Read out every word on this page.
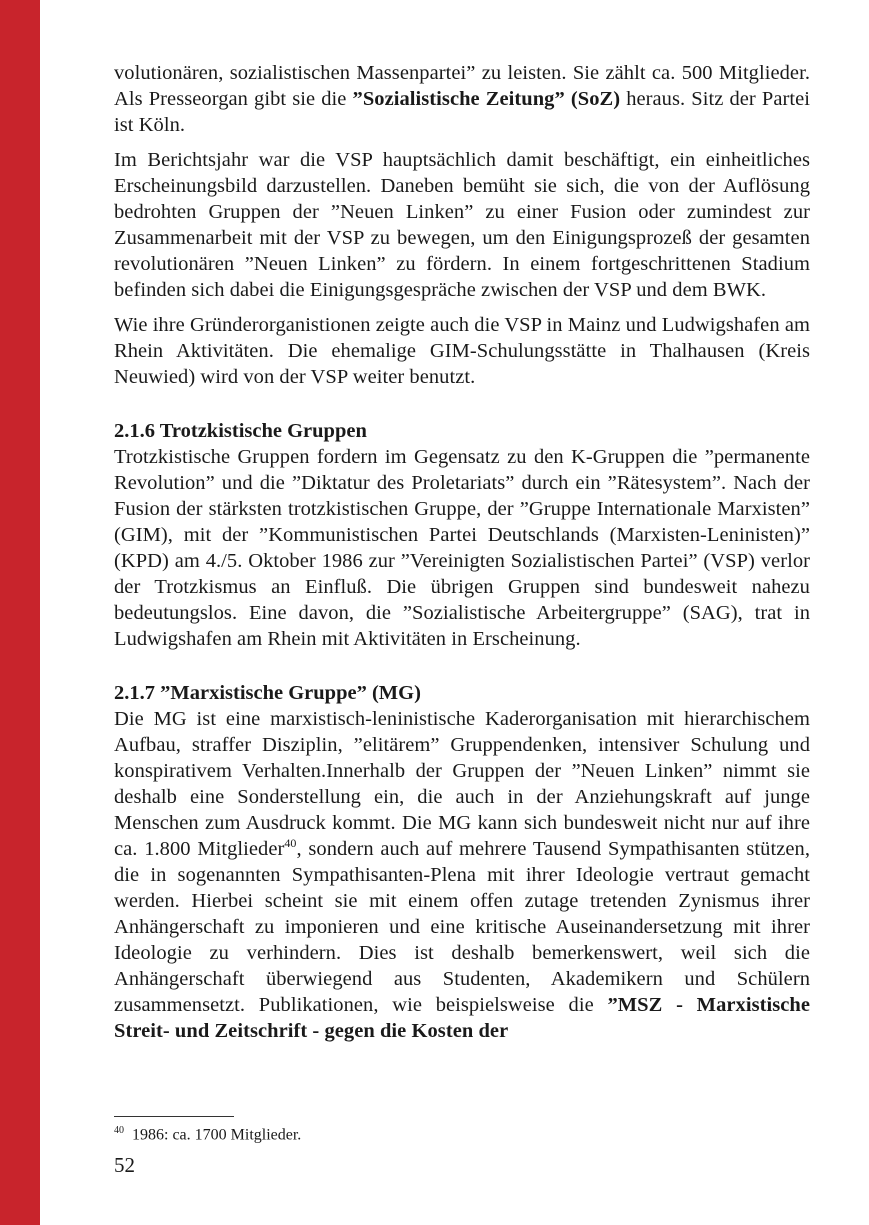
volutionären, sozialistischen Massenpartei” zu leisten. Sie zählt ca. 500 Mitglieder. Als Presseorgan gibt sie die ”Sozialistische Zeitung” (SoZ) heraus. Sitz der Partei ist Köln.

Im Berichtsjahr war die VSP hauptsächlich damit beschäftigt, ein einheitliches Erscheinungsbild darzustellen. Daneben bemüht sie sich, die von der Auflösung bedrohten Gruppen der ”Neuen Linken” zu einer Fusion oder zumindest zur Zusammenarbeit mit der VSP zu bewegen, um den Einigungsprozeß der gesamten revolutionären ”Neuen Linken” zu fördern. In einem fortgeschrittenen Stadium befinden sich dabei die Einigungsgespräche zwischen der VSP und dem BWK.

Wie ihre Gründerorganistionen zeigte auch die VSP in Mainz und Ludwigshafen am Rhein Aktivitäten. Die ehemalige GIM-Schulungsstätte in Thalhausen (Kreis Neuwied) wird von der VSP weiter benutzt.

2.1.6 Trotzkistische Gruppen

Trotzkistische Gruppen fordern im Gegensatz zu den K-Gruppen die ”permanente Revolution” und die ”Diktatur des Proletariats” durch ein ”Rätesystem”. Nach der Fusion der stärksten trotzkistischen Gruppe, der ”Gruppe Internationale Marxisten” (GIM), mit der ”Kommunistischen Partei Deutschlands (Marxisten-Leninisten)” (KPD) am 4./5. Oktober 1986 zur ”Vereinigten Sozialistischen Partei” (VSP) verlor der Trotzkismus an Einfluß. Die übrigen Gruppen sind bundesweit nahezu bedeutungslos. Eine davon, die ”Sozialistische Arbeitergruppe” (SAG), trat in Ludwigshafen am Rhein mit Aktivitäten in Erscheinung.

2.1.7 ”Marxistische Gruppe” (MG)

Die MG ist eine marxistisch-leninistische Kaderorganisation mit hierarchischem Aufbau, straffer Disziplin, ”elitärem” Gruppendenken, intensiver Schulung und konspirativem Verhalten.Innerhalb der Gruppen der ”Neuen Linken” nimmt sie deshalb eine Sonderstellung ein, die auch in der Anziehungskraft auf junge Menschen zum Ausdruck kommt. Die MG kann sich bundesweit nicht nur auf ihre ca. 1.800 Mitglieder$^{40}$, sondern auch auf mehrere Tausend Sympathisanten stützen, die in sogenannten Sympathisanten-Plena mit ihrer Ideologie vertraut gemacht werden. Hierbei scheint sie mit einem offen zutage tretenden Zynismus ihrer Anhängerschaft zu imponieren und eine kritische Auseinandersetzung mit ihrer Ideologie zu verhindern. Dies ist deshalb bemerkenswert, weil sich die Anhängerschaft überwiegend aus Studenten, Akademikern und Schülern zusammensetzt. Publikationen, wie beispielsweise die ”MSZ - Marxistische Streit- und Zeitschrift - gegen die Kosten der

$^{40}$ 1986: ca. 1700 Mitglieder.
52
